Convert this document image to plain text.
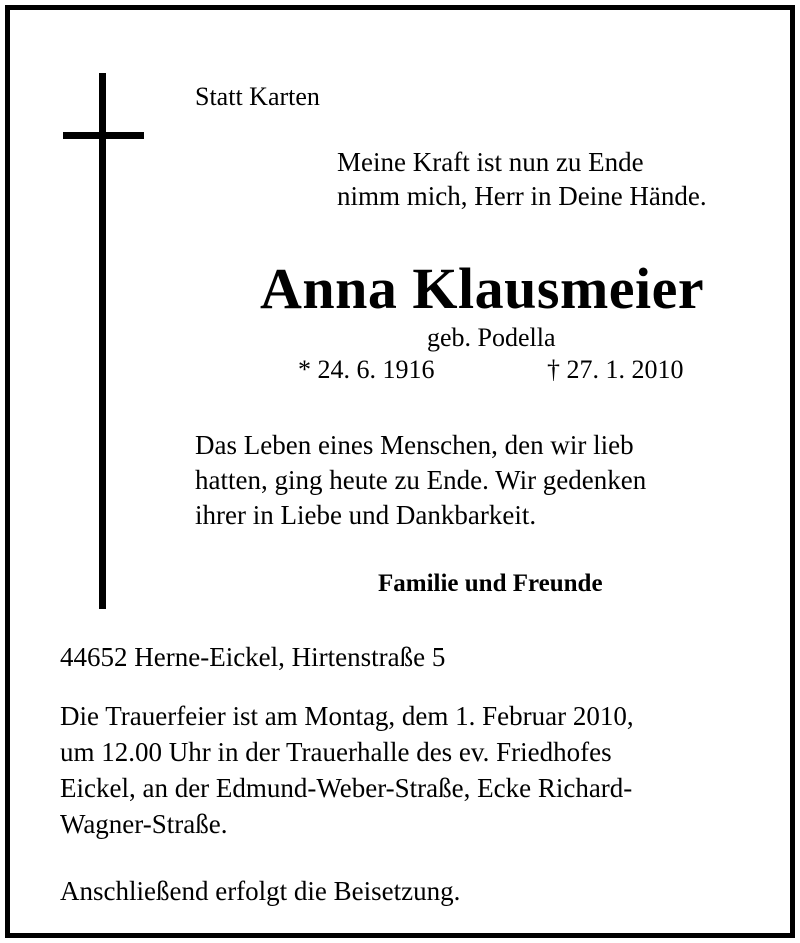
Statt Karten
Meine Kraft ist nun zu Ende
nimm mich, Herr in Deine Hände.
Anna Klausmeier
geb. Podella
* 24. 6. 1916	† 27. 1. 2010
Das Leben eines Menschen, den wir lieb
hatten, ging heute zu Ende. Wir gedenken
ihrer in Liebe und Dankbarkeit.
Familie und Freunde
44652 Herne-Eickel, Hirtenstraße 5
Die Trauerfeier ist am Montag, dem 1. Februar 2010,
um 12.00 Uhr in der Trauerhalle des ev. Friedhofes
Eickel, an der Edmund-Weber-Straße, Ecke Richard-
Wagner-Straße.
Anschließend erfolgt die Beisetzung.
